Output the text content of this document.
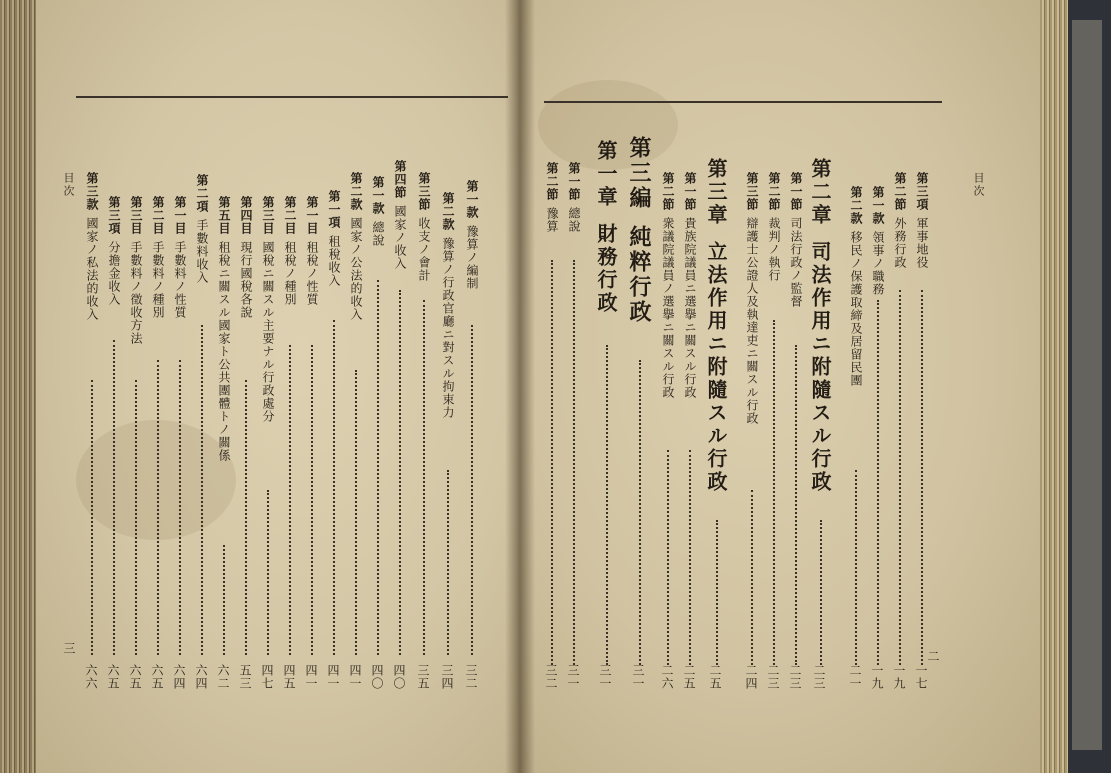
目次
三
第一款豫算ノ編制
三二
第二款豫算ノ行政官廳ニ對スル拘束力
三四
第三節收支ノ會計
三五
第四節國家ノ收入
四〇
第一款總說
四〇
第二款國家ノ公法的收入
四一
第一項租稅收入
四一
第一目租稅ノ性質
四一
第二目租稅ノ種別
四五
第三目國稅ニ關スル主要ナル行政處分
四七
第四目現行國稅各說
五三
第五目租稅ニ關スル國家ト公共團體トノ關係
六二
第二項手數料收入
六四
第一目手數料ノ性質
六四
第二目手數料ノ種別
六五
第三目手數料ノ徵收方法
六五
第三項分擔金收入
六五
第三款國家ノ私法的收入
六六
目次
二
第三項軍事地役
一七
第二節外務行政
一九
第一款領事ノ職務
一九
第二款移民ノ保護取締及居留民團
二一
第二章司法作用ニ附隨スル行政
二三
第一節司法行政ノ監督
二三
第二節裁判ノ執行
二三
第三節辯護士公證人及執達吏ニ關スル行政
二四
第三章立法作用ニ附隨スル行政
二五
第一節貴族院議員ニ選擧ニ關スル行政
二五
第二節衆議院議員ノ選擧ニ關スル行政
二六
第三編純粹行政
三一
第一章財務行政
三一
第一節總說
三一
第二節豫算
三二
